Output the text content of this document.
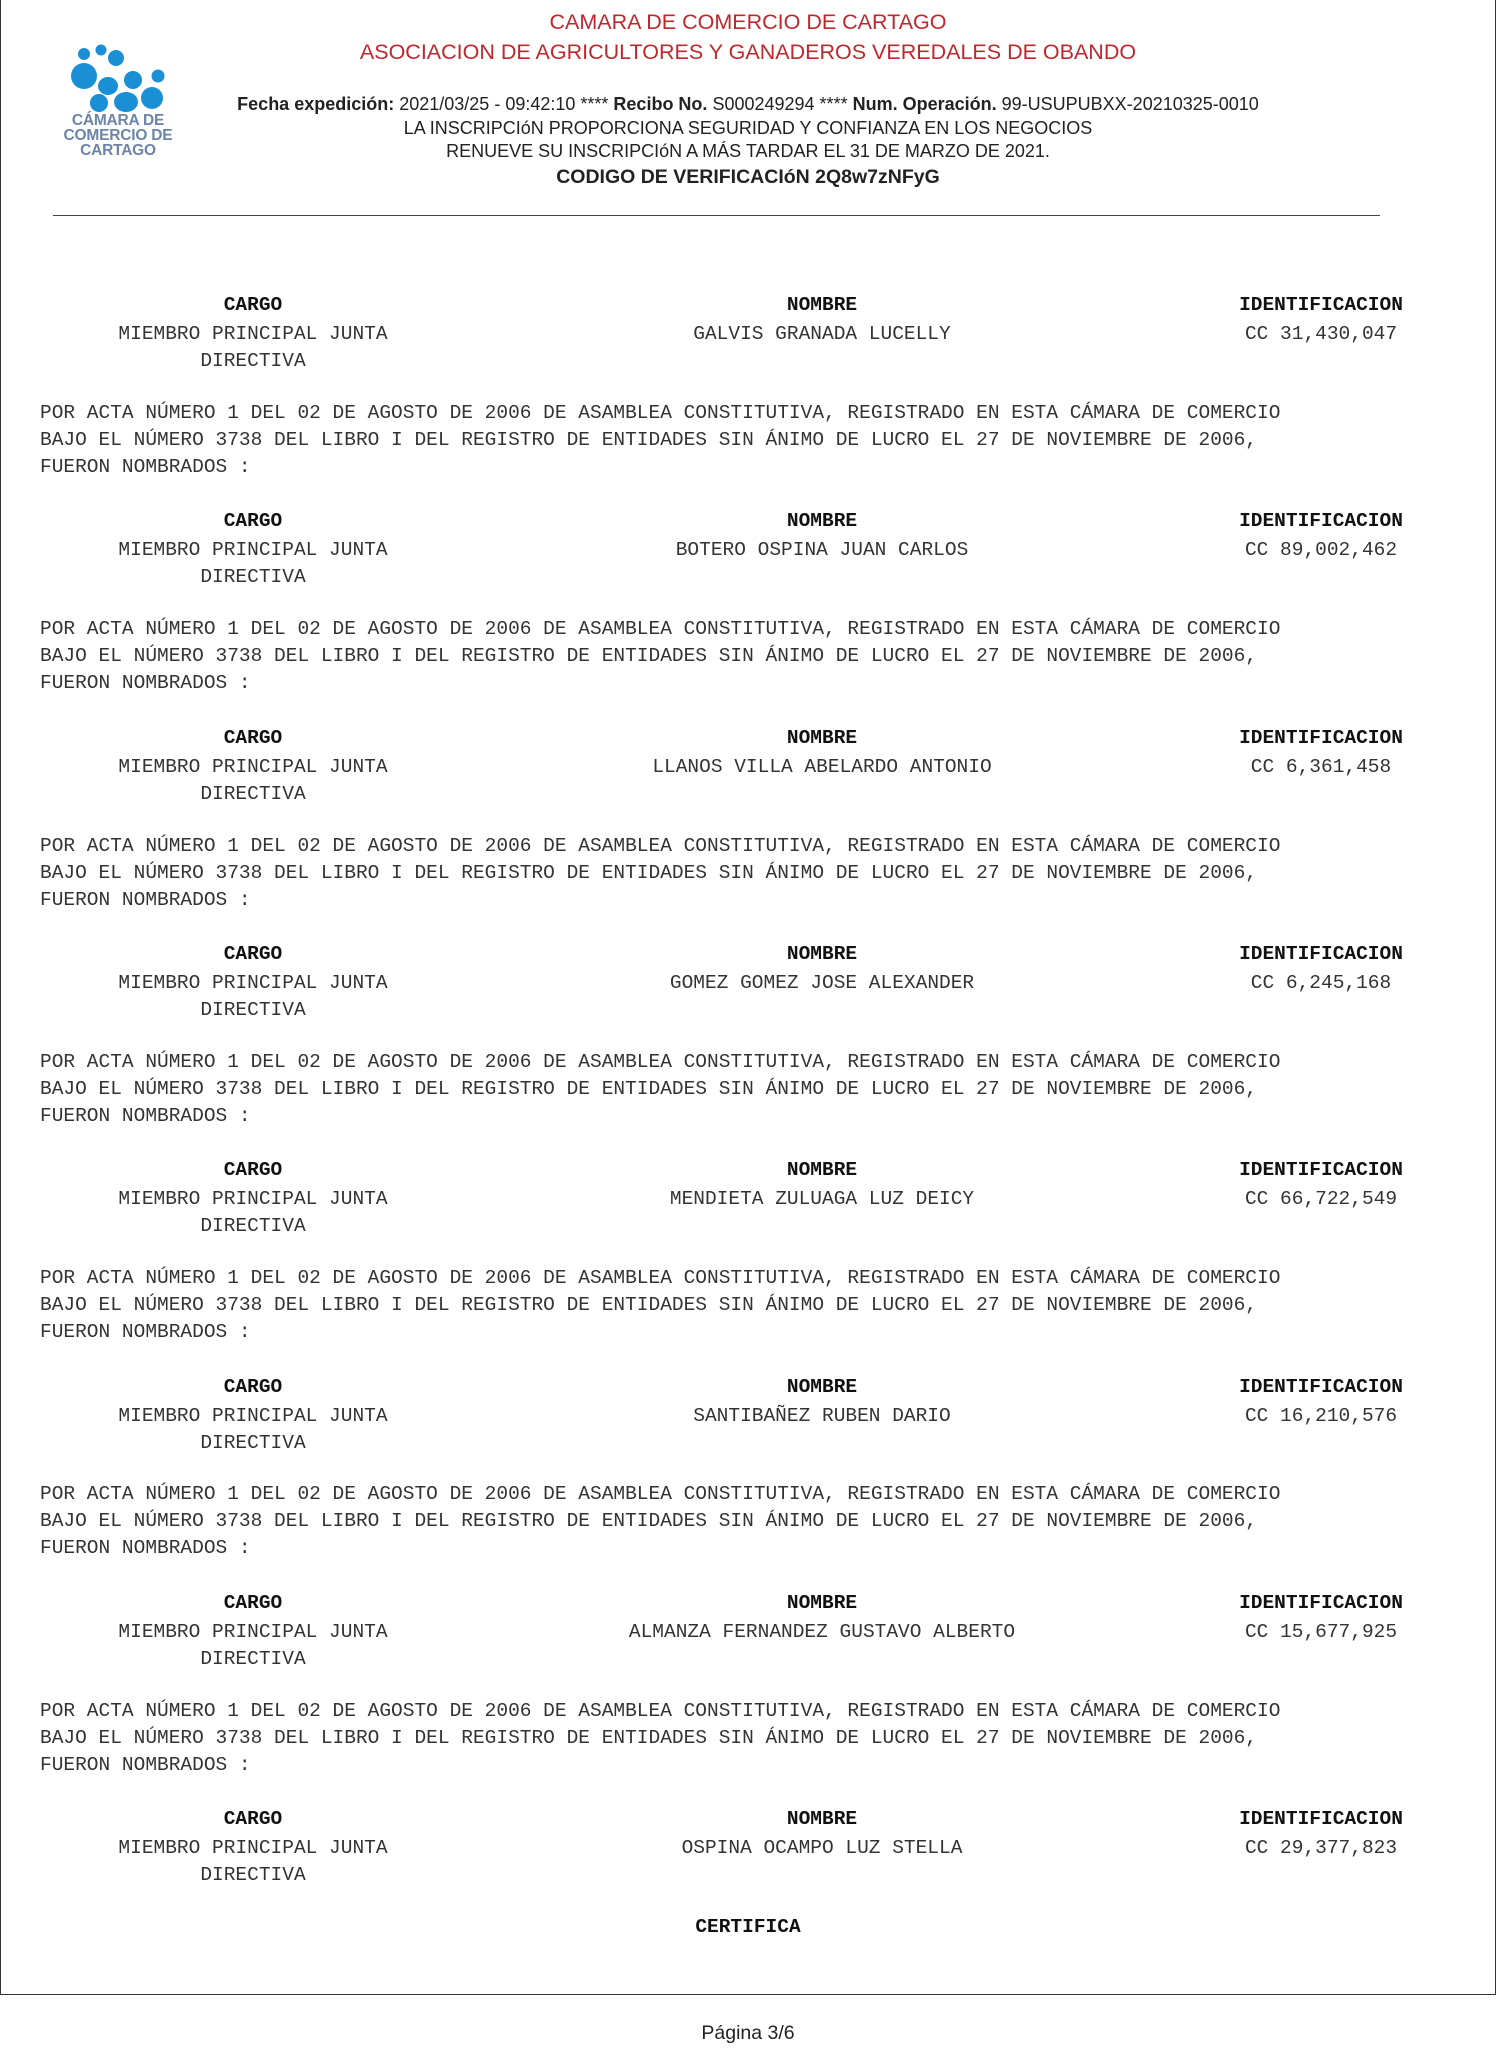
CÁMARA DE
COMERCIO DE
CARTAGO
CAMARA DE COMERCIO DE CARTAGO
ASOCIACION DE AGRICULTORES Y GANADEROS VEREDALES DE OBANDO
Fecha expedición: 2021/03/25 - 09:42:10 **** Recibo No. S000249294 **** Num. Operación. 99-USUPUBXX-20210325-0010
LA INSCRIPCIóN PROPORCIONA SEGURIDAD Y CONFIANZA EN LOS NEGOCIOS
RENUEVE SU INSCRIPCIóN A MÁS TARDAR EL 31 DE MARZO DE 2021.
CODIGO DE VERIFICACIóN 2Q8w7zNFyG
CARGO	NOMBRE	IDENTIFICACION
MIEMBRO PRINCIPAL JUNTA
DIRECTIVA
GALVIS GRANADA LUCELLY	CC 31,430,047
POR ACTA NÚMERO 1 DEL 02 DE AGOSTO DE 2006 DE ASAMBLEA CONSTITUTIVA, REGISTRADO EN ESTA CÁMARA DE COMERCIO
BAJO EL NÚMERO 3738 DEL LIBRO I DEL REGISTRO DE ENTIDADES SIN ÁNIMO DE LUCRO EL 27 DE NOVIEMBRE DE 2006,
FUERON NOMBRADOS :
CARGO	NOMBRE	IDENTIFICACION
MIEMBRO PRINCIPAL JUNTA
DIRECTIVA
BOTERO OSPINA JUAN CARLOS	CC 89,002,462
POR ACTA NÚMERO 1 DEL 02 DE AGOSTO DE 2006 DE ASAMBLEA CONSTITUTIVA, REGISTRADO EN ESTA CÁMARA DE COMERCIO
BAJO EL NÚMERO 3738 DEL LIBRO I DEL REGISTRO DE ENTIDADES SIN ÁNIMO DE LUCRO EL 27 DE NOVIEMBRE DE 2006,
FUERON NOMBRADOS :
CARGO	NOMBRE	IDENTIFICACION
MIEMBRO PRINCIPAL JUNTA
DIRECTIVA
LLANOS VILLA ABELARDO ANTONIO	CC 6,361,458
POR ACTA NÚMERO 1 DEL 02 DE AGOSTO DE 2006 DE ASAMBLEA CONSTITUTIVA, REGISTRADO EN ESTA CÁMARA DE COMERCIO
BAJO EL NÚMERO 3738 DEL LIBRO I DEL REGISTRO DE ENTIDADES SIN ÁNIMO DE LUCRO EL 27 DE NOVIEMBRE DE 2006,
FUERON NOMBRADOS :
CARGO	NOMBRE	IDENTIFICACION
MIEMBRO PRINCIPAL JUNTA
DIRECTIVA
GOMEZ GOMEZ JOSE ALEXANDER	CC 6,245,168
POR ACTA NÚMERO 1 DEL 02 DE AGOSTO DE 2006 DE ASAMBLEA CONSTITUTIVA, REGISTRADO EN ESTA CÁMARA DE COMERCIO
BAJO EL NÚMERO 3738 DEL LIBRO I DEL REGISTRO DE ENTIDADES SIN ÁNIMO DE LUCRO EL 27 DE NOVIEMBRE DE 2006,
FUERON NOMBRADOS :
CARGO	NOMBRE	IDENTIFICACION
MIEMBRO PRINCIPAL JUNTA
DIRECTIVA
MENDIETA ZULUAGA LUZ DEICY	CC 66,722,549
POR ACTA NÚMERO 1 DEL 02 DE AGOSTO DE 2006 DE ASAMBLEA CONSTITUTIVA, REGISTRADO EN ESTA CÁMARA DE COMERCIO
BAJO EL NÚMERO 3738 DEL LIBRO I DEL REGISTRO DE ENTIDADES SIN ÁNIMO DE LUCRO EL 27 DE NOVIEMBRE DE 2006,
FUERON NOMBRADOS :
CARGO	NOMBRE	IDENTIFICACION
MIEMBRO PRINCIPAL JUNTA
DIRECTIVA
SANTIBAÑEZ RUBEN DARIO	CC 16,210,576
POR ACTA NÚMERO 1 DEL 02 DE AGOSTO DE 2006 DE ASAMBLEA CONSTITUTIVA, REGISTRADO EN ESTA CÁMARA DE COMERCIO
BAJO EL NÚMERO 3738 DEL LIBRO I DEL REGISTRO DE ENTIDADES SIN ÁNIMO DE LUCRO EL 27 DE NOVIEMBRE DE 2006,
FUERON NOMBRADOS :
CARGO	NOMBRE	IDENTIFICACION
MIEMBRO PRINCIPAL JUNTA
DIRECTIVA
ALMANZA FERNANDEZ GUSTAVO ALBERTO	CC 15,677,925
POR ACTA NÚMERO 1 DEL 02 DE AGOSTO DE 2006 DE ASAMBLEA CONSTITUTIVA, REGISTRADO EN ESTA CÁMARA DE COMERCIO
BAJO EL NÚMERO 3738 DEL LIBRO I DEL REGISTRO DE ENTIDADES SIN ÁNIMO DE LUCRO EL 27 DE NOVIEMBRE DE 2006,
FUERON NOMBRADOS :
CARGO	NOMBRE	IDENTIFICACION
MIEMBRO PRINCIPAL JUNTA
DIRECTIVA
OSPINA OCAMPO LUZ STELLA	CC 29,377,823
CERTIFICA
Página 3/6
